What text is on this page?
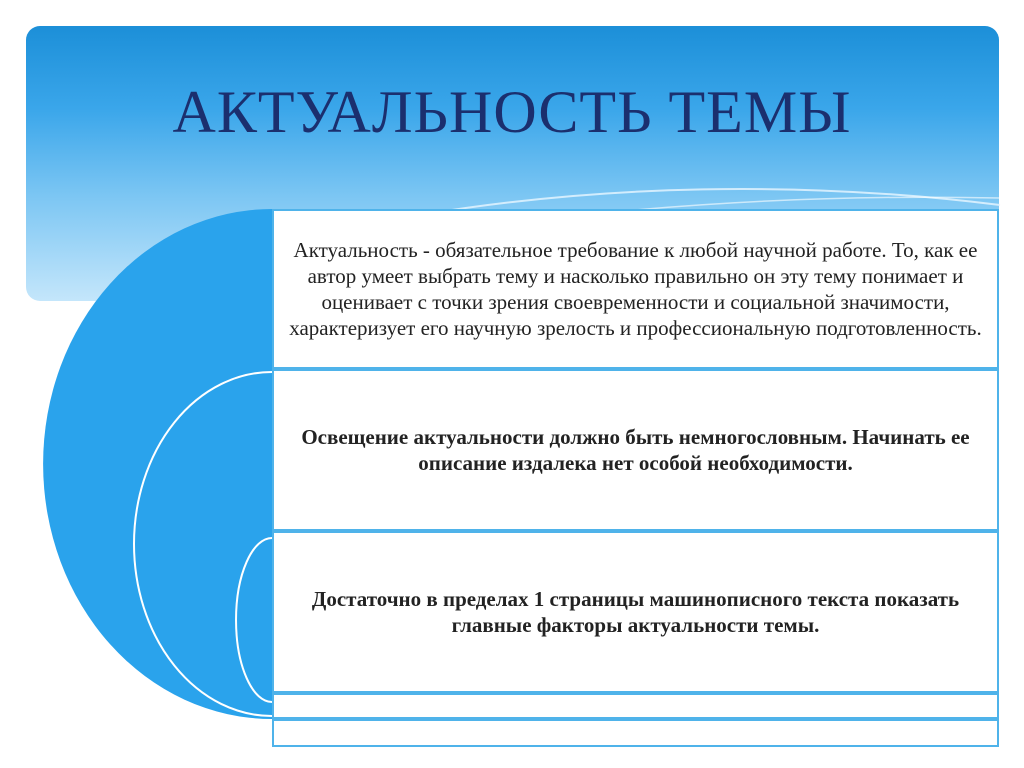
АКТУАЛЬНОСТЬ ТЕМЫ
Актуальность - обязательное требование к любой научной работе. То, как ее автор умеет выбрать тему и насколько правильно он эту тему понимает и оценивает с точки зрения своевременности и социальной значимости, характеризует его научную зрелость и профессиональную подготовленность.
Освещение актуальности должно быть немногословным. Начинать ее описание издалека нет особой необходимости.
Достаточно в пределах 1 страницы машинописного текста показать главные факторы актуальности темы.
